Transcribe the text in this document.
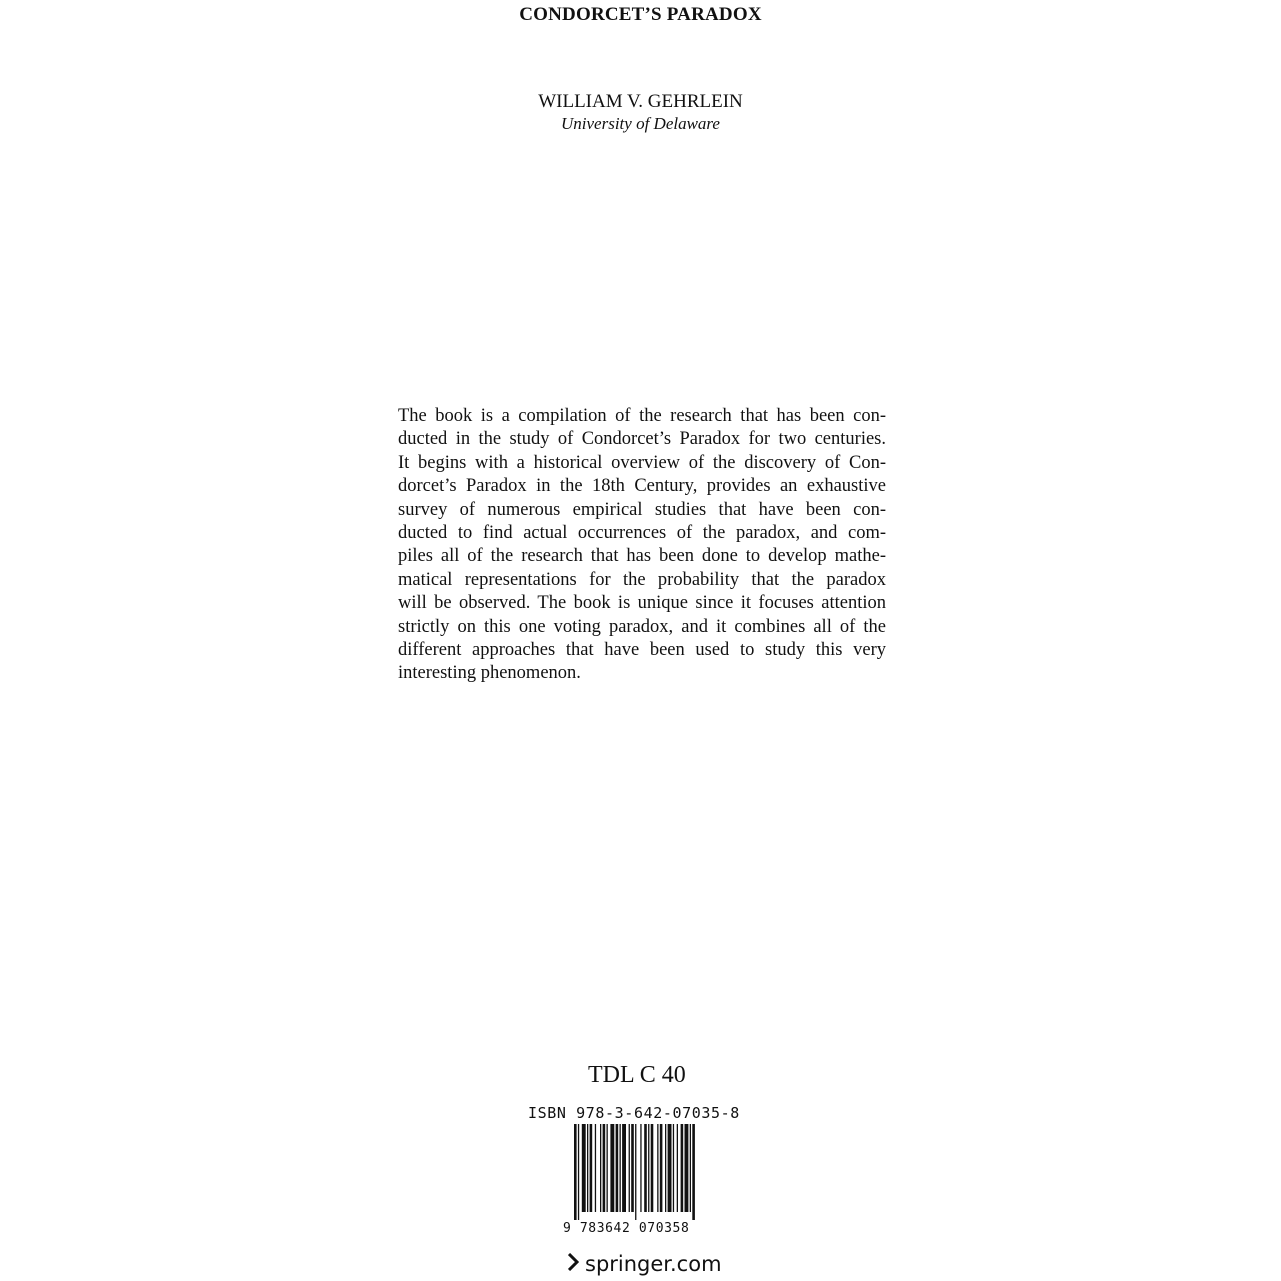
CONDORCET’S PARADOX
WILLIAM V. GEHRLEIN
University of Delaware
The book is a compilation of the research that has been con-
ducted in the study of Condorcet’s Paradox for two centuries.
It begins with a historical overview of the discovery of Con-
dorcet’s Paradox in the 18th Century, provides an exhaustive
survey of numerous empirical studies that have been con-
ducted to find actual occurrences of the paradox, and com-
piles all of the research that has been done to develop mathe-
matical representations for the probability that the paradox
will be observed. The book is unique since it focuses attention
strictly on this one voting paradox, and it combines all of the
different approaches that have been used to study this very
interesting phenomenon.
TDL C 40
ISBN 978-3-642-07035-8
9 783642 070358
springer.com
